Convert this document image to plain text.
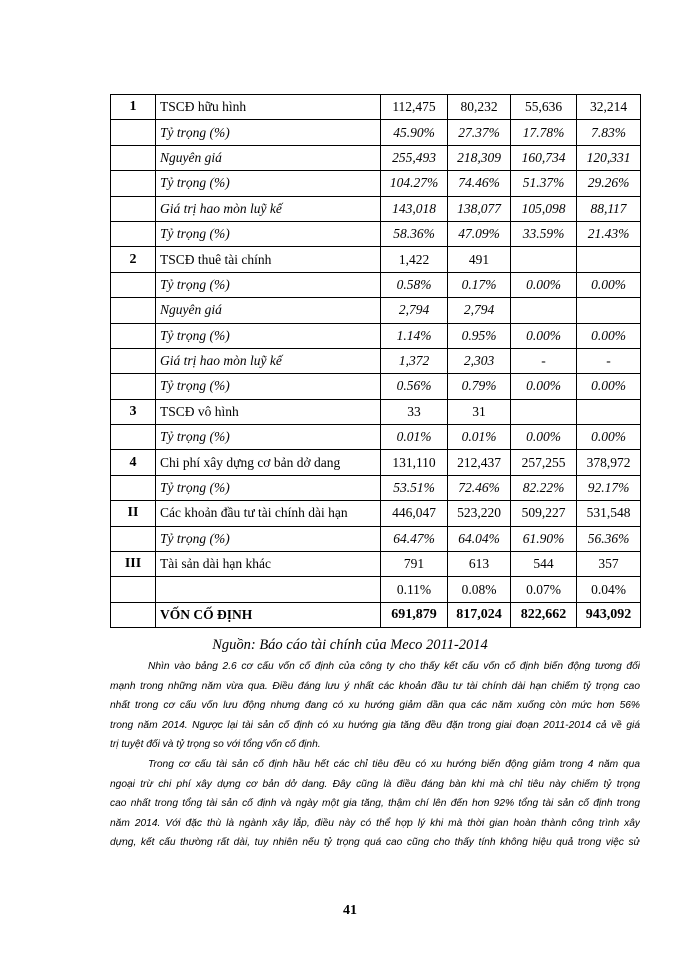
1	TSCĐ hữu hình	112,475	80,232	55,636	32,214
	Tỷ trọng (%)	45.90%	27.37%	17.78%	7.83%
	Nguyên giá	255,493	218,309	160,734	120,331
	Tỷ trọng (%)	104.27%	74.46%	51.37%	29.26%
	Giá trị hao mòn luỹ kế	143,018	138,077	105,098	88,117
	Tỷ trọng (%)	58.36%	47.09%	33.59%	21.43%
2	TSCĐ thuê tài chính	1,422	491		
	Tỷ trọng (%)	0.58%	0.17%	0.00%	0.00%
	Nguyên giá	2,794	2,794		
	Tỷ trọng (%)	1.14%	0.95%	0.00%	0.00%
	Giá trị hao mòn luỹ kế	1,372	2,303	-	-
	Tỷ trọng (%)	0.56%	0.79%	0.00%	0.00%
3	TSCĐ vô hình	33	31		
	Tỷ trọng (%)	0.01%	0.01%	0.00%	0.00%
4	Chi phí xây dựng cơ bản dở dang	131,110	212,437	257,255	378,972
	Tỷ trọng (%)	53.51%	72.46%	82.22%	92.17%
II	Các khoản đầu tư tài chính dài hạn	446,047	523,220	509,227	531,548
	Tỷ trọng (%)	64.47%	64.04%	61.90%	56.36%
III	Tài sản dài hạn khác	791	613	544	357
		0.11%	0.08%	0.07%	0.04%
	VỐN CỐ ĐỊNH	691,879	817,024	822,662	943,092
Nguồn: Báo cáo tài chính của Meco 2011-2014
Nhìn vào bảng 2.6 cơ cấu vốn cố định của công ty cho thấy kết cấu vốn cố định biến động tương đối
mạnh trong những năm vừa qua. Điều đáng lưu ý nhất các khoản đầu tư tài chính dài hạn chiếm tỷ trọng cao
nhất trong cơ cấu vốn lưu động nhưng đang có xu hướng giảm dần qua các năm xuống còn mức hơn 56%
trong năm 2014. Ngược lại tài sản cố định có xu hướng gia tăng đều đặn trong giai đoạn 2011-2014 cả về giá
trị tuyệt đối và tỷ trọng so với tổng vốn cố định.
Trong cơ cấu tài sản cố định hầu hết các chỉ tiêu đều có xu hướng biến động giảm trong 4 năm qua
ngoại trừ chi phí xây dựng cơ bản dở dang. Đây cũng là điều đáng bàn khi mà chỉ tiêu này chiếm tỷ trọng
cao nhất trong tổng tài sản cố định và ngày một gia tăng, thậm chí lên đến hơn 92% tổng tài sản cố định trong
năm 2014. Với đặc thù là ngành xây lắp, điều này có thể hợp lý khi mà thời gian hoàn thành công trình xây
dựng, kết cấu thường rất dài, tuy nhiên nếu tỷ trọng quá cao cũng cho thấy tính không hiệu quả trong việc sử
41
